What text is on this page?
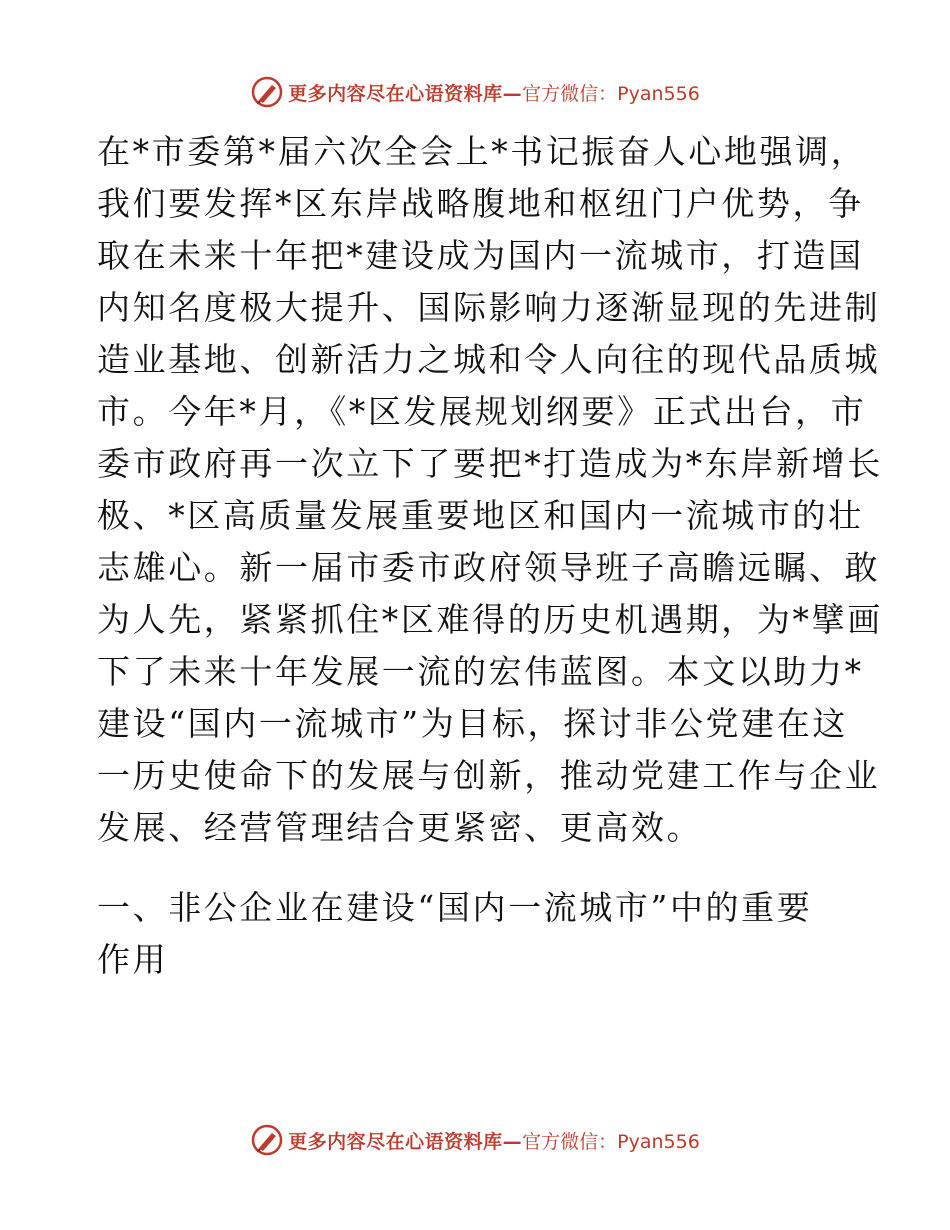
更多内容尽在心语资料库— 官方微信：Pyan556
在*市委第*届六次全会上*书记振奋人心地强调，
我们要发挥*区东岸战略腹地和枢纽门户优势，争
取在未来十年把*建设成为国内一流城市，打造国
内知名度极大提升、国际影响力逐渐显现的先进制
造业基地、创新活力之城和令人向往的现代品质城
市。今年*月，《*区发展规划纲要》正式出台，市
委市政府再一次立下了要把*打造成为*东岸新增长
极、*区高质量发展重要地区和国内一流城市的壮
志雄心。新一届市委市政府领导班子高瞻远瞩、敢
为人先，紧紧抓住*区难得的历史机遇期，为*擘画
下了未来十年发展一流的宏伟蓝图。本文以助力*
建设“国内一流城市”为目标，探讨非公党建在这
一历史使命下的发展与创新，推动党建工作与企业
发展、经营管理结合更紧密、更高效。
一、非公企业在建设“国内一流城市”中的重要
作用
更多内容尽在心语资料库— 官方微信：Pyan556
